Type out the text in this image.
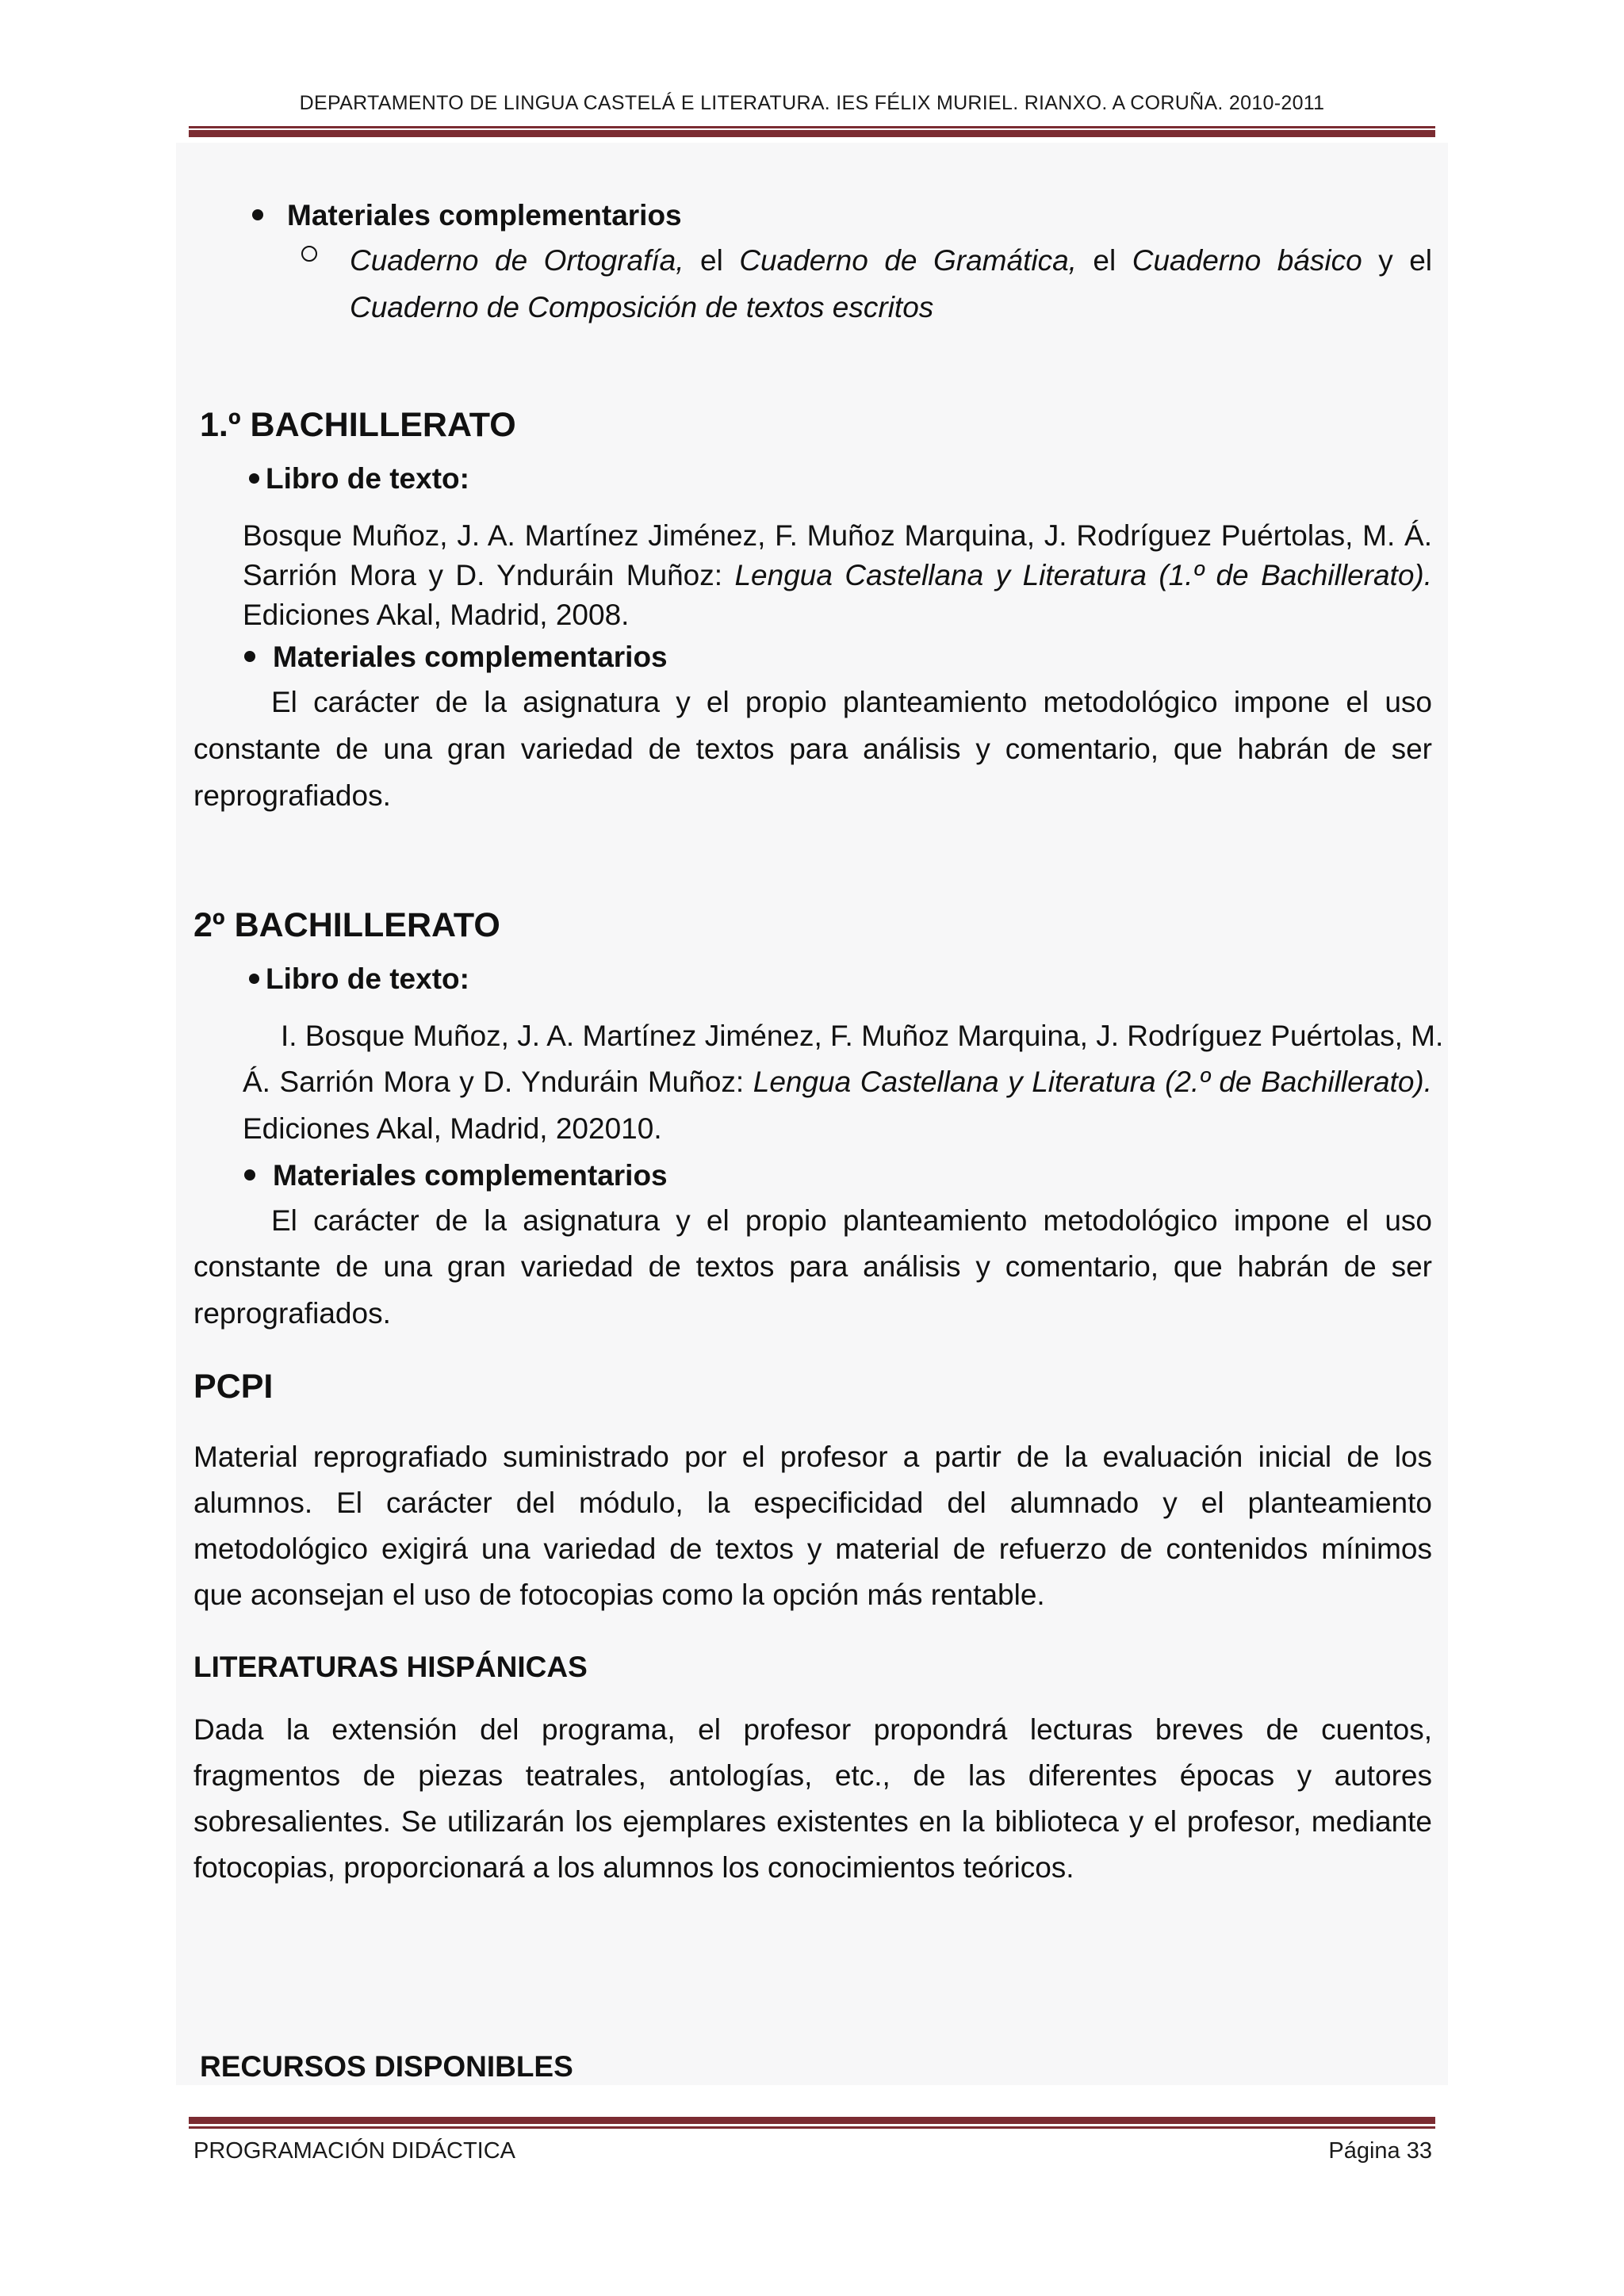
DEPARTAMENTO DE LINGUA CASTELÁ E LITERATURA. IES FÉLIX MURIEL. RIANXO. A CORUÑA. 2010-2011
Materiales complementarios
Cuaderno de Ortografía, el Cuaderno de Gramática, el Cuaderno básico y el
Cuaderno de Composición de textos escritos
1.º BACHILLERATO
Libro de texto:
Bosque Muñoz, J. A. Martínez Jiménez, F. Muñoz Marquina, J. Rodríguez Puértolas, M. Á.
Sarrión Mora y D. Ynduráin Muñoz: Lengua Castellana y Literatura (1.º de Bachillerato).
Ediciones Akal, Madrid, 2008.
Materiales complementarios
El carácter de la asignatura y el propio planteamiento metodológico impone el uso
constante de una gran variedad de textos para análisis y comentario, que habrán de ser
reprografiados.
2º BACHILLERATO
Libro de texto:
I. Bosque Muñoz, J. A. Martínez Jiménez, F. Muñoz Marquina, J. Rodríguez Puértolas, M.
Á. Sarrión Mora y D. Ynduráin Muñoz: Lengua Castellana y Literatura (2.º de Bachillerato).
Ediciones Akal, Madrid, 202010.
Materiales complementarios
El carácter de la asignatura y el propio planteamiento metodológico impone el uso
constante de una gran variedad de textos para análisis y comentario, que habrán de ser
reprografiados.
PCPI
Material reprografiado suministrado por el profesor a partir de la evaluación inicial de los
alumnos. El carácter del módulo, la especificidad del alumnado y el planteamiento
metodológico exigirá una variedad de textos y material de refuerzo de contenidos mínimos
que aconsejan el uso de fotocopias como la opción más rentable.
LITERATURAS HISPÁNICAS
Dada la extensión del programa, el profesor propondrá lecturas breves de cuentos,
fragmentos de piezas teatrales, antologías, etc., de las diferentes épocas y autores
sobresalientes. Se utilizarán los ejemplares existentes en la biblioteca y el profesor, mediante
fotocopias, proporcionará a los alumnos los conocimientos teóricos.
RECURSOS DISPONIBLES
PROGRAMACIÓN DIDÁCTICA	Página 33
